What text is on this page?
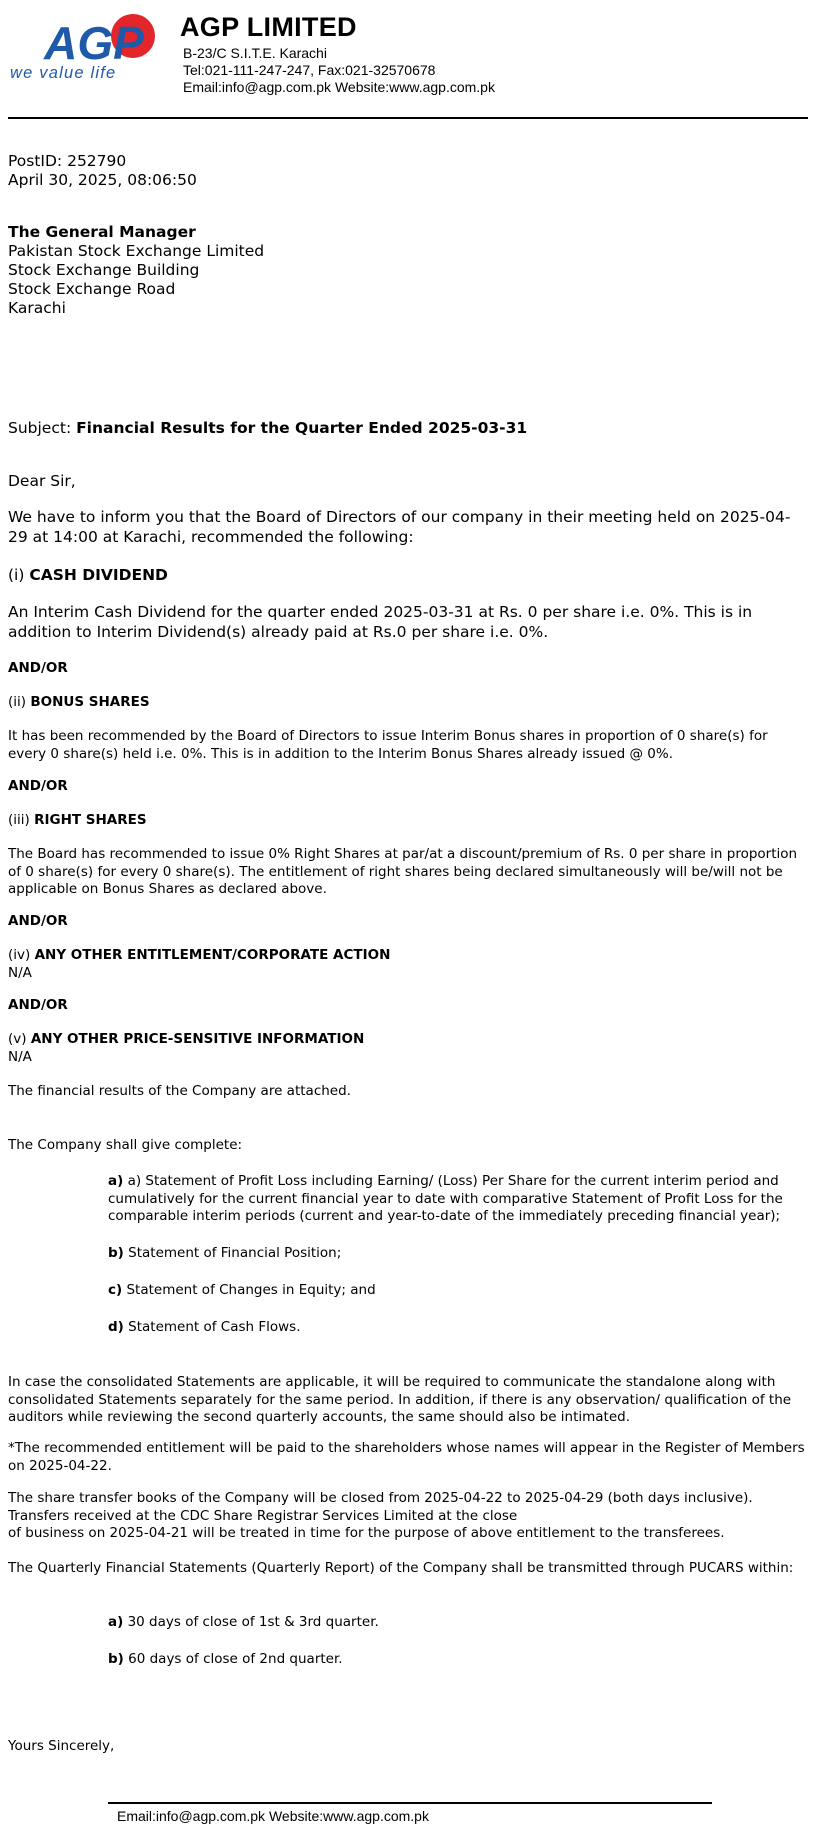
AGP
we value life
AGP LIMITED
B-23/C S.I.T.E. Karachi
Tel:021-111-247-247, Fax:021-32570678
Email:info@agp.com.pk Website:www.agp.com.pk
PostID: 252790
April 30, 2025, 08:06:50
The General Manager
Pakistan Stock Exchange Limited
Stock Exchange Building
Stock Exchange Road
Karachi
Subject: Financial Results for the Quarter Ended 2025-03-31
Dear Sir,
We have to inform you that the Board of Directors of our company in their meeting held on 2025-04-29 at 14:00 at Karachi, recommended the following:
(i) CASH DIVIDEND
An Interim Cash Dividend for the quarter ended 2025-03-31 at Rs. 0 per share i.e. 0%. This is in addition to Interim Dividend(s) already paid at Rs.0 per share i.e. 0%.
AND/OR
(ii) BONUS SHARES
It has been recommended by the Board of Directors to issue Interim Bonus shares in proportion of 0 share(s) for every 0 share(s) held i.e. 0%. This is in addition to the Interim Bonus Shares already issued @ 0%.
AND/OR
(iii) RIGHT SHARES
The Board has recommended to issue 0% Right Shares at par/at a discount/premium of Rs. 0 per share in proportion of 0 share(s) for every 0 share(s). The entitlement of right shares being declared simultaneously will be/will not be applicable on Bonus Shares as declared above.
AND/OR
(iv) ANY OTHER ENTITLEMENT/CORPORATE ACTION
N/A
AND/OR
(v) ANY OTHER PRICE-SENSITIVE INFORMATION
N/A
The financial results of the Company are attached.
The Company shall give complete:
a) a) Statement of Profit Loss including Earning/ (Loss) Per Share for the current interim period and cumulatively for the current financial year to date with comparative Statement of Profit Loss for the comparable interim periods (current and year-to-date of the immediately preceding financial year);
b) Statement of Financial Position;
c) Statement of Changes in Equity; and
d) Statement of Cash Flows.
In case the consolidated Statements are applicable, it will be required to communicate the standalone along with consolidated Statements separately for the same period. In addition, if there is any observation/ qualification of the auditors while reviewing the second quarterly accounts, the same should also be intimated.
*The recommended entitlement will be paid to the shareholders whose names will appear in the Register of Members on 2025-04-22.
The share transfer books of the Company will be closed from 2025-04-22 to 2025-04-29 (both days inclusive).
Transfers received at the CDC Share Registrar Services Limited at the close
of business on 2025-04-21 will be treated in time for the purpose of above entitlement to the transferees.
The Quarterly Financial Statements (Quarterly Report) of the Company shall be transmitted through PUCARS within:
a) 30 days of close of 1st & 3rd quarter.
b) 60 days of close of 2nd quarter.
Yours Sincerely,
Email:info@agp.com.pk Website:www.agp.com.pk
